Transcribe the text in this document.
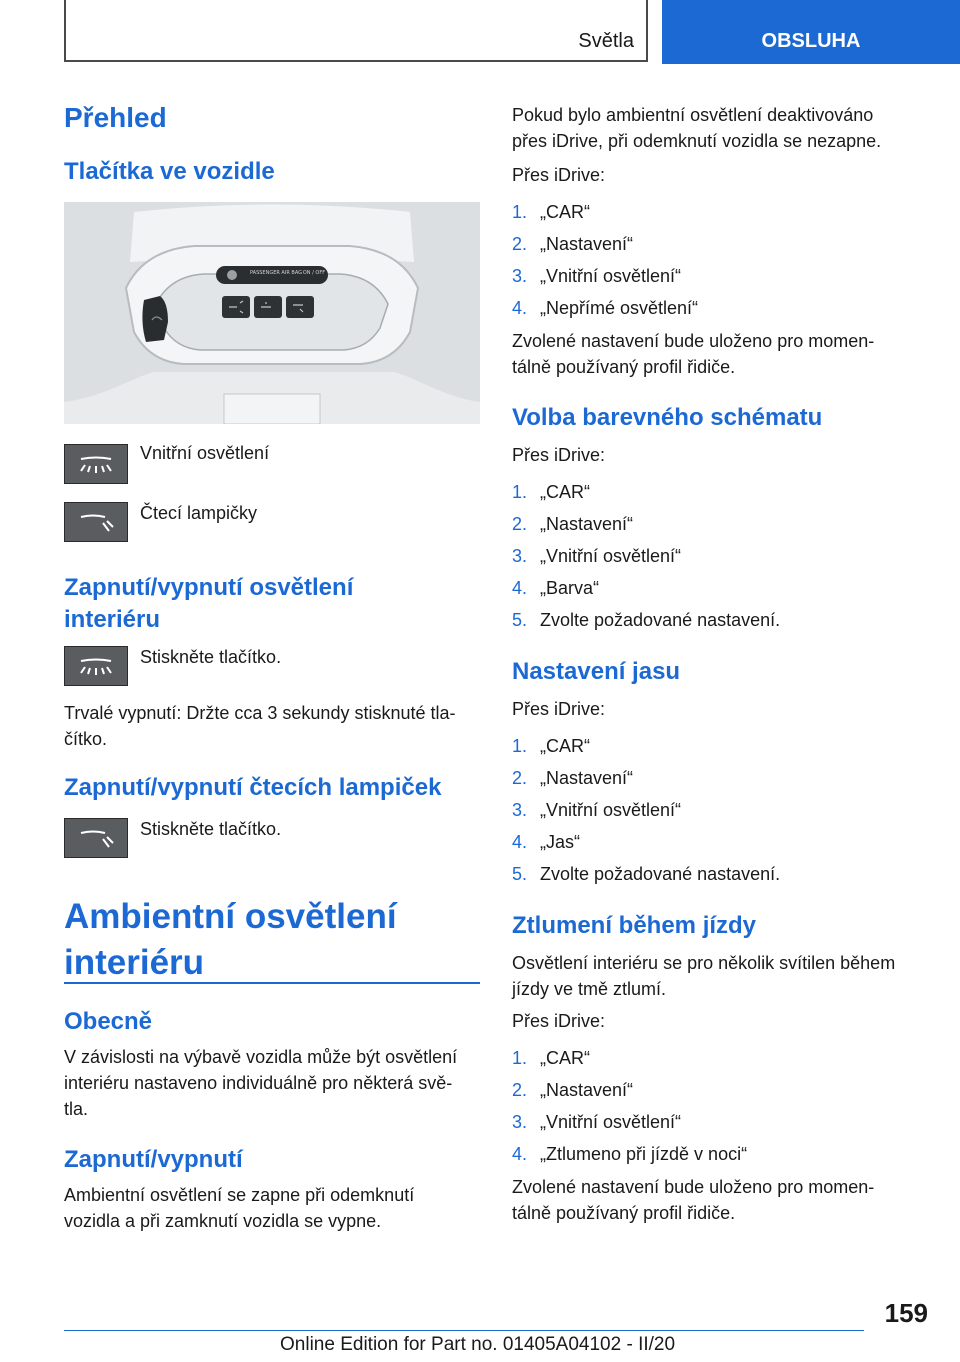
Světla	OBSLUHA
Přehled
Tlačítka ve vozidle
PASSENGER AIR BAG ON / OFF
Vnitřní osvětlení
Čtecí lampičky
Zapnutí/vypnutí osvětlení
interiéru
Stiskněte tlačítko.
Trvalé vypnutí: Držte cca 3 sekundy stisknuté tla‐
čítko.
Zapnutí/vypnutí čtecích lampiček
Stiskněte tlačítko.
Ambientní osvětlení
interiéru
Obecně
V závislosti na výbavě vozidla může být osvětlení
interiéru nastaveno individuálně pro některá svě‐
tla.
Zapnutí/vypnutí
Ambientní osvětlení se zapne při odemknutí
vozidla a při zamknutí vozidla se vypne.
Pokud bylo ambientní osvětlení deaktivováno
přes iDrive, při odemknutí vozidla se nezapne.
Přes iDrive:
1. „CAR“
2. „Nastavení“
3. „Vnitřní osvětlení“
4. „Nepřímé osvětlení“
Zvolené nastavení bude uloženo pro momen‐
tálně používaný profil řidiče.
Volba barevného schématu
Přes iDrive:
1. „CAR“
2. „Nastavení“
3. „Vnitřní osvětlení“
4. „Barva“
5. Zvolte požadované nastavení.
Nastavení jasu
Přes iDrive:
1. „CAR“
2. „Nastavení“
3. „Vnitřní osvětlení“
4. „Jas“
5. Zvolte požadované nastavení.
Ztlumení během jízdy
Osvětlení interiéru se pro několik svítilen během
jízdy ve tmě ztlumí.
Přes iDrive:
1. „CAR“
2. „Nastavení“
3. „Vnitřní osvětlení“
4. „Ztlumeno při jízdě v noci“
Zvolené nastavení bude uloženo pro momen‐
tálně používaný profil řidiče.
159
Online Edition for Part no. 01405A04102 - II/20
